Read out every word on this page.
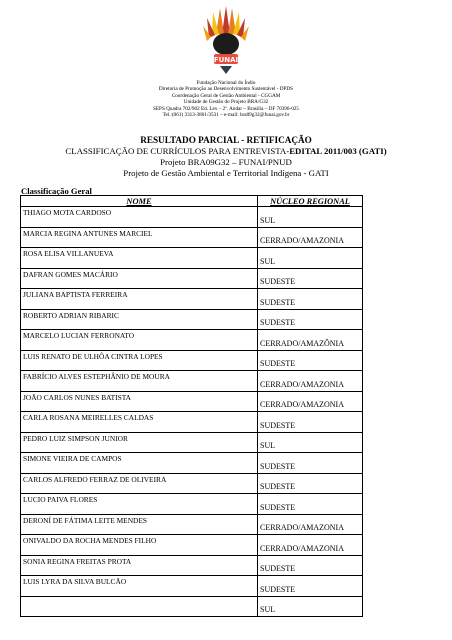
FUNAI
Fundação Nacional do Índio
Diretoria de Promoção ao Desenvolvimento Sustentável - DPDS
Coordenação Geral de Gestão Ambiental - CGGAM
Unidade de Gestão do Projeto BRA/G32
SEPS Quadra 702/902 Ed. Lex – 2º. Andar – Brasília – DF 70390-025
Tel.:(061) 3313-3801/3531 – e-mail: bra09g32@funai.gov.br
RESULTADO PARCIAL - RETIFICAÇÃO
CLASSIFICAÇÃO DE CURRÍCULOS PARA ENTREVISTA-EDITAL 2011/003 (GATI)
Projeto BRA09G32 – FUNAI/PNUD
Projeto de Gestão Ambiental e Territorial Indígena - GATI
Classificação Geral
NOME	NÚCLEO REGIONAL
THIAGO MOTA CARDOSO	SUL
MARCIA REGINA ANTUNES MARCIEL	CERRADO/AMAZONIA
ROSA ELISA VILLANUEVA	SUL
DAFRAN GOMES MACÁRIO	SUDESTE
JULIANA BAPTISTA FERREIRA	SUDESTE
ROBERTO ADRIAN RIBARIC	SUDESTE
MARCELO LUCIAN FERRONATO	CERRADO/AMAZÔNIA
LUIS RENATO DE ULHÔA CINTRA LOPES	SUDESTE
FABRÍCIO ALVES ESTEPHÂNIO DE MOURA	CERRADO/AMAZONIA
JOÃO CARLOS NUNES BATISTA	CERRADO/AMAZONIA
CARLA ROSANA MEIRELLES CALDAS	SUDESTE
PEDRO LUIZ SIMPSON JUNIOR	SUL
SIMONE VIEIRA DE CAMPOS	SUDESTE
CARLOS ALFREDO FERRAZ DE OLIVEIRA	SUDESTE
LUCIO PAIVA FLORES	SUDESTE
DERONÍ DE FÁTIMA LEITE MENDES	CERRADO/AMAZONIA
ONIVALDO DA ROCHA MENDES FILHO	CERRADO/AMAZONIA
SONIA REGINA FREITAS PROTA	SUDESTE
LUIS LYRA DA SILVA BULCÃO	SUDESTE
	SUL
